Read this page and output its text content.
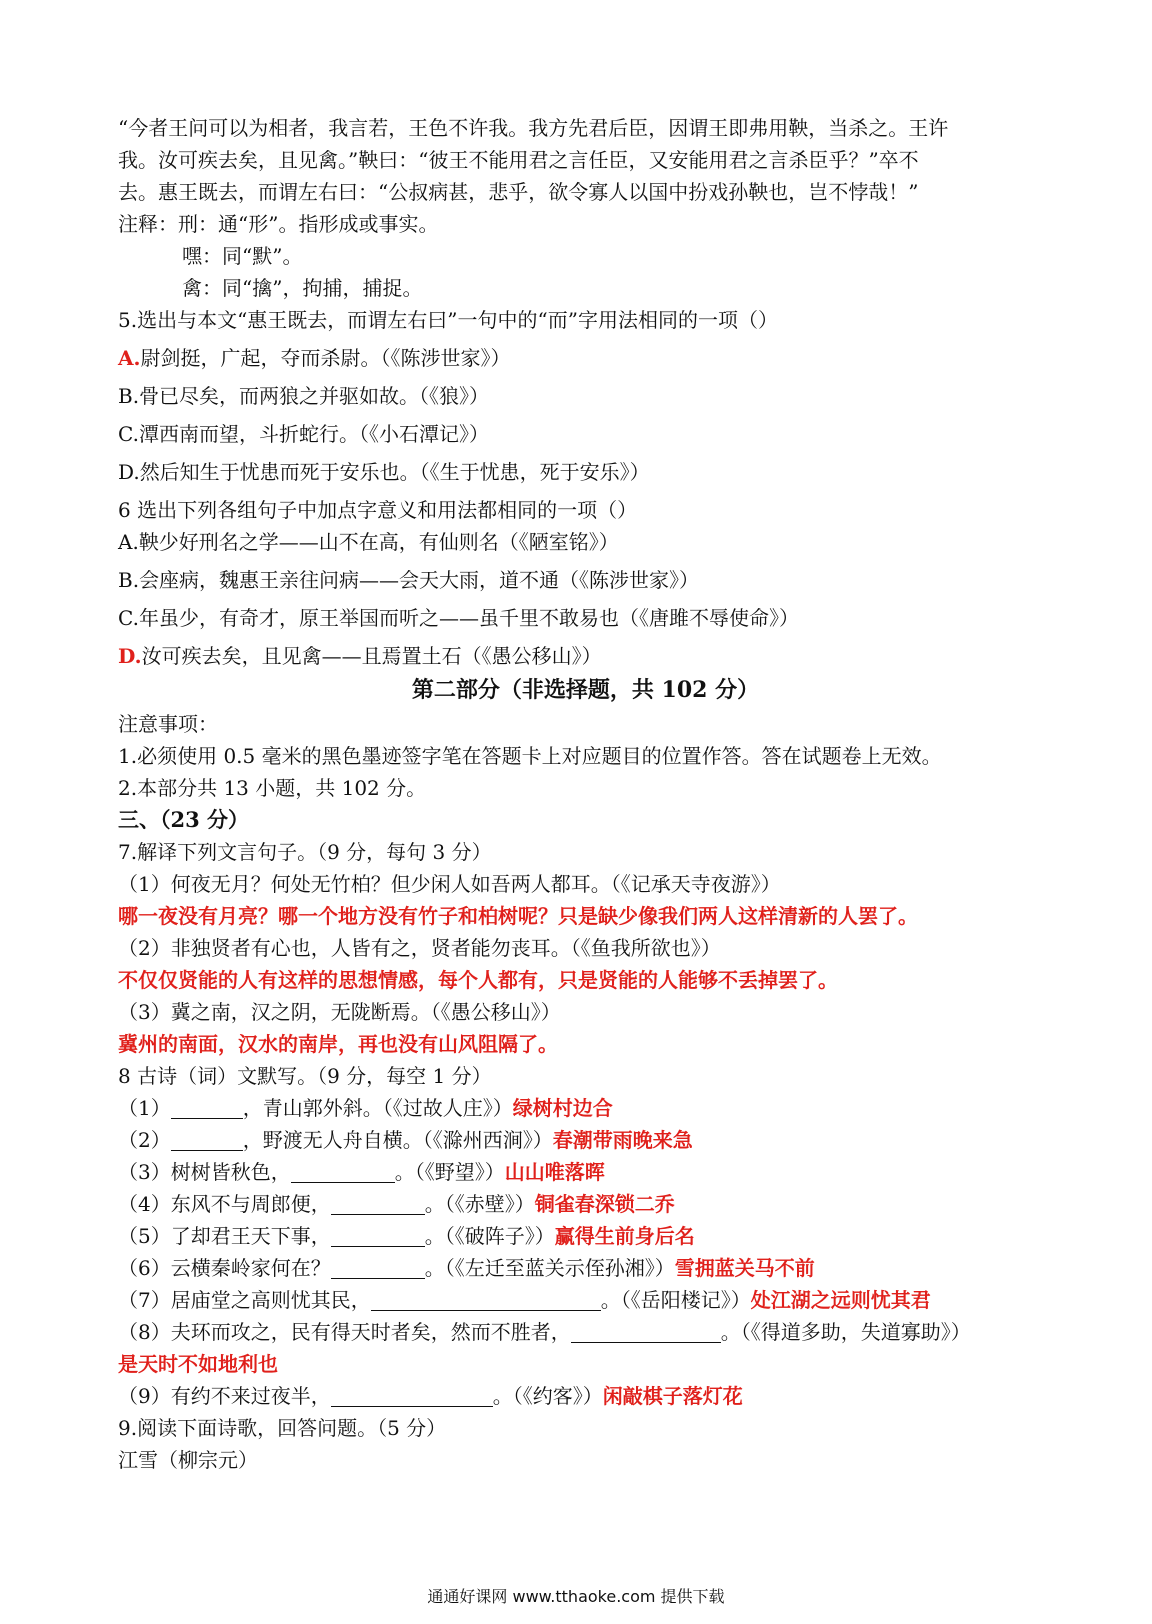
“今者王问可以为相者，我言若，王色不许我。我方先君后臣，因谓王即弗用鞅，当杀之。王许
我。汝可疾去矣，且见禽。”鞅曰：“彼王不能用君之言任臣，又安能用君之言杀臣乎？”卒不
去。惠王既去，而谓左右曰：“公叔病甚，悲乎，欲令寡人以国中扮戏孙鞅也，岂不悖哉！”
注释：刑：通“形”。指形成或事实。
嘿：同“默”。
禽：同“擒”，拘捕，捕捉。
5.选出与本文“惠王既去，而谓左右曰”一句中的“而”字用法相同的一项（）
A.尉剑挺，广起，夺而杀尉。（《陈涉世家》）
B.骨已尽矣，而两狼之并驱如故。（《狼》）
C.潭西南而望，斗折蛇行。（《小石潭记》）
D.然后知生于忧患而死于安乐也。（《生于忧患，死于安乐》）
6 选出下列各组句子中加点字意义和用法都相同的一项（）
A.鞅少好刑名之学——山不在高，有仙则名（《陋室铭》）
B.会座病，魏惠王亲往问病——会天大雨，道不通（《陈涉世家》）
C.年虽少，有奇才，原王举国而听之——虽千里不敢易也（《唐雎不辱使命》）
D.汝可疾去矣，且见禽——且焉置土石（《愚公移山》）
第二部分（非选择题，共 102 分）
注意事项：
1.必须使用 0.5 毫米的黑色墨迹签字笔在答题卡上对应题目的位置作答。答在试题卷上无效。
2.本部分共 13 小题，共 102 分。
三、（23 分）
7.解译下列文言句子。（9 分，每句 3 分）
（1）何夜无月？何处无竹柏？但少闲人如吾两人都耳。（《记承天寺夜游》）
哪一夜没有月亮？哪一个地方没有竹子和柏树呢？只是缺少像我们两人这样清新的人罢了。
（2）非独贤者有心也，人皆有之，贤者能勿丧耳。（《鱼我所欲也》）
不仅仅贤能的人有这样的思想情感，每个人都有，只是贤能的人能够不丢掉罢了。
（3）冀之南，汉之阴，无陇断焉。（《愚公移山》）
冀州的南面，汉水的南岸，再也没有山风阻隔了。
8 古诗（词）文默写。（9 分，每空 1 分）
（1）	，青山郭外斜。（《过故人庄》）绿树村边合
（2）	，野渡无人舟自横。（《滁州西涧》）春潮带雨晚来急
（3）树树皆秋色，	。（《野望》）山山唯落晖
（4）东风不与周郎便，	。（《赤壁》）铜雀春深锁二乔
（5）了却君王天下事，	。（《破阵子》）赢得生前身后名
（6）云横秦岭家何在？	。（《左迁至蓝关示侄孙湘》）雪拥蓝关马不前
（7）居庙堂之高则忧其民，	。（《岳阳楼记》）处江湖之远则忧其君
（8）夫环而攻之，民有得天时者矣，然而不胜者，	。（《得道多助，失道寡助》）
是天时不如地利也
（9）有约不来过夜半，	。（《约客》）闲敲棋子落灯花
9.阅读下面诗歌，回答问题。（5 分）
江雪（柳宗元）
通通好课网 www.tthaoke.com 提供下载
